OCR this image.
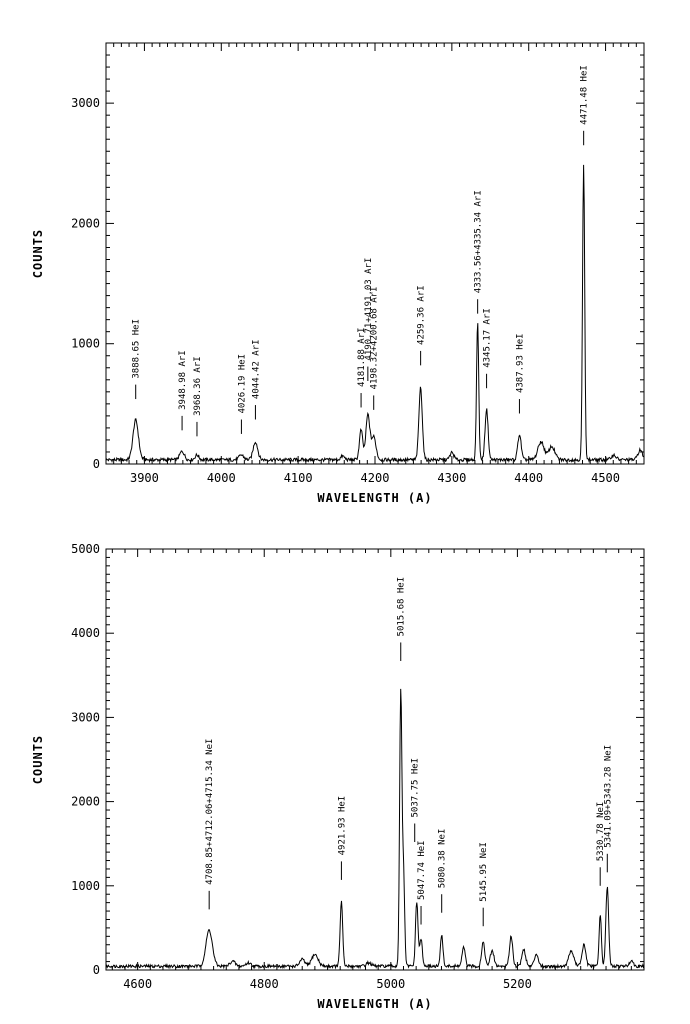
3900	4000	4100	4200	4300	4400	4500
0
1000
2000
3000
WAVELENGTH (A)
COUNTS
3888.65 HeI
3948.98 ArI 3968.36 ArI	4026.19 HeI 4044.42 ArI	4181.88 ArI
4190.71+4191.03 ArI
4198.32+4200.68 ArI	4259.36 ArI
4333.56+4335.34 ArI
4345.17 ArI	4387.93 HeI
4471.48 HeI
4600	4800	5000	5200
0
1000
2000
3000
4000
5000
WAVELENGTH (A)
COUNTS	4708.85+4712.06+4715.34 NeI	4921.93 HeI
5015.68 HeI
5037.75 HeI
5047.74 HeI 5080.38 NeI	5145.95 NeI
5330.78 NeI
5341.09+5343.28 NeI
